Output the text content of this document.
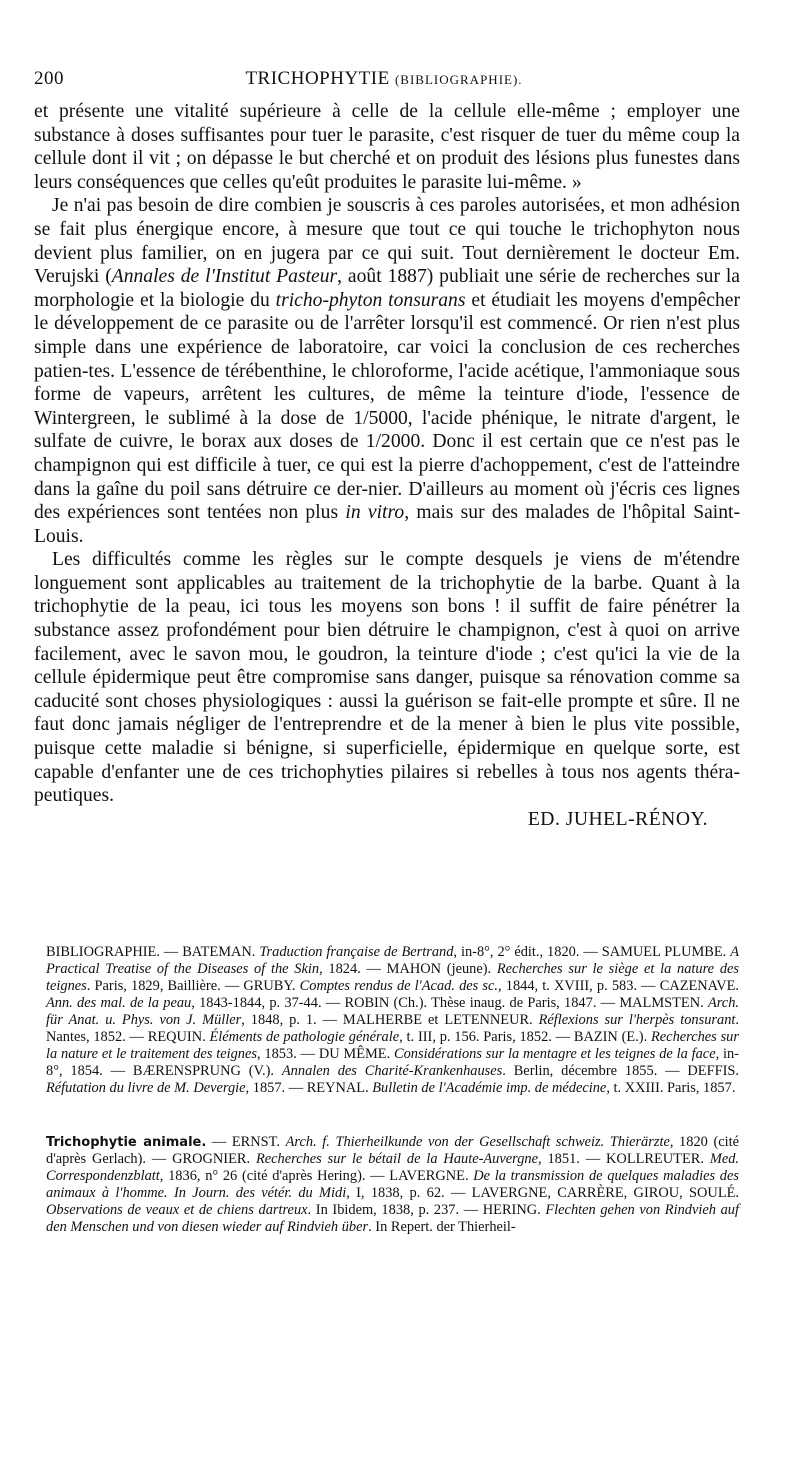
200	TRICHOPHYTIE (BIBLIOGRAPHIE).

et présente une vitalité supérieure à celle de la cellule elle-même ; employer une substance à doses suffisantes pour tuer le parasite, c'est risquer de tuer du même coup la cellule dont il vit ; on dépasse le but cherché et on produit des lésions plus funestes dans leurs conséquences que celles qu'eût produites le parasite lui-même. »

Je n'ai pas besoin de dire combien je souscris à ces paroles autorisées, et mon adhésion se fait plus énergique encore, à mesure que tout ce qui touche le trichophyton nous devient plus familier, on en jugera par ce qui suit. Tout dernièrement le docteur Em. Verujski (Annales de l'Institut Pasteur, août 1887) publiait une série de recherches sur la morphologie et la biologie du tricho-phyton tonsurans et étudiait les moyens d'empêcher le développement de ce parasite ou de l'arrêter lorsqu'il est commencé. Or rien n'est plus simple dans une expérience de laboratoire, car voici la conclusion de ces recherches patien-tes. L'essence de térébenthine, le chloroforme, l'acide acétique, l'ammoniaque sous forme de vapeurs, arrêtent les cultures, de même la teinture d'iode, l'essence de Wintergreen, le sublimé à la dose de 1/5000, l'acide phénique, le nitrate d'argent, le sulfate de cuivre, le borax aux doses de 1/2000. Donc il est certain que ce n'est pas le champignon qui est difficile à tuer, ce qui est la pierre d'achoppement, c'est de l'atteindre dans la gaîne du poil sans détruire ce der-nier. D'ailleurs au moment où j'écris ces lignes des expériences sont tentées non plus in vitro, mais sur des malades de l'hôpital Saint-Louis.

Les difficultés comme les règles sur le compte desquels je viens de m'étendre longuement sont applicables au traitement de la trichophytie de la barbe. Quant à la trichophytie de la peau, ici tous les moyens son bons ! il suffit de faire pénétrer la substance assez profondément pour bien détruire le champignon, c'est à quoi on arrive facilement, avec le savon mou, le goudron, la teinture d'iode ; c'est qu'ici la vie de la cellule épidermique peut être compromise sans danger, puisque sa rénovation comme sa caducité sont choses physiologiques : aussi la guérison se fait-elle prompte et sûre. Il ne faut donc jamais négliger de l'entreprendre et de la mener à bien le plus vite possible, puisque cette maladie si bénigne, si superficielle, épidermique en quelque sorte, est capable d'enfanter une de ces trichophyties pilaires si rebelles à tous nos agents théra-peutiques.

ED. JUHEL-RÉNOY.

BIBLIOGRAPHIE. — BATEMAN. Traduction française de Bertrand, in-8°, 2° édit., 1820. — SAMUEL PLUMBE. A Practical Treatise of the Diseases of the Skin, 1824. — MAHON (jeune). Recherches sur le siège et la nature des teignes. Paris, 1829, Baillière. — GRUBY. Comptes rendus de l'Acad. des sc., 1844, t. XVIII, p. 583. — CAZENAVE. Ann. des mal. de la peau, 1843-1844, p. 37-44. — ROBIN (Ch.). Thèse inaug. de Paris, 1847. — MALMSTEN. Arch. für Anat. u. Phys. von J. Müller, 1848, p. 1. — MALHERBE et LETENNEUR. Réflexions sur l'herpès tonsurant. Nantes, 1852. — REQUIN. Éléments de pathologie générale, t. III, p. 156. Paris, 1852. — BAZIN (E.). Recherches sur la nature et le traitement des teignes, 1853. — DU MÊME. Considérations sur la mentagre et les teignes de la face, in-8°, 1854. — BÆRENSPRUNG (V.). Annalen des Charité-Krankenhauses. Berlin, décembre 1855. — DEFFIS. Réfutation du livre de M. Devergie, 1857. — REYNAL. Bulletin de l'Académie imp. de médecine, t. XXIII. Paris, 1857.

Trichophytie animale. — ERNST. Arch. f. Thierheilkunde von der Gesellschaft schweiz. Thierärzte, 1820 (cité d'après Gerlach). — GROGNIER. Recherches sur le bétail de la Haute-Auvergne, 1851. — KOLLREUTER. Med. Correspondenzblatt, 1836, n° 26 (cité d'après Hering). — LAVERGNE. De la transmission de quelques maladies des animaux à l'homme. In Journ. des vétér. du Midi, I, 1838, p. 62. — LAVERGNE, CARRÈRE, GIROU, SOULÉ. Observations de veaux et de chiens dartreux. In Ibidem, 1838, p. 237. — HERING. Flechten gehen von Rindvieh auf den Menschen und von diesen wieder auf Rindvieh über. In Repert. der Thierheil-
